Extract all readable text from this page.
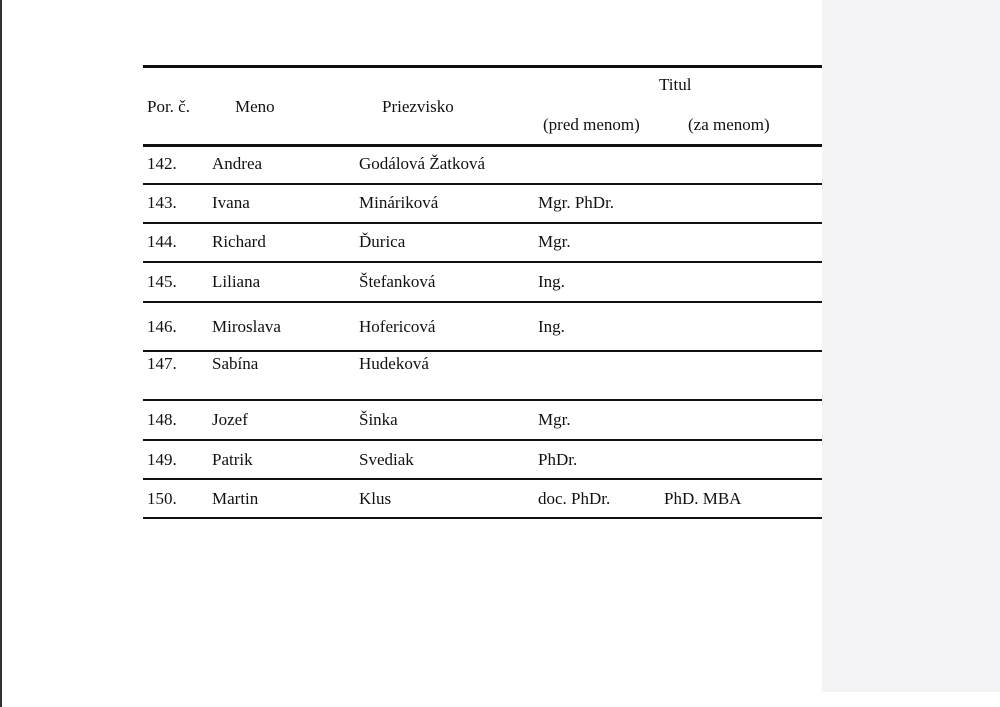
Titul
Por. č.	Meno	Priezvisko
(pred menom)	(za menom)
142. Andrea	Godálová Žatková
143. Ivana	Mináriková	Mgr. PhDr.
144. Richard	Ďurica	Mgr.
145. Liliana	Štefanková	Ing.
146. Miroslava	Hofericová	Ing.
147. Sabína	Hudeková
148. Jozef	Šinka	Mgr.
149. Patrik	Svediak	PhDr.
150. Martin	Klus	doc. PhDr.	PhD. MBA
